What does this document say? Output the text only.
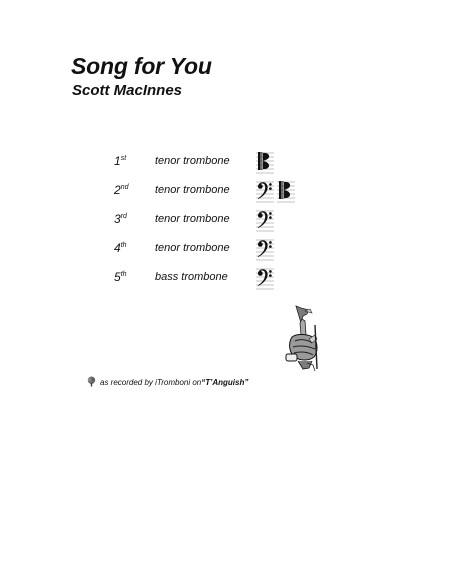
Song for You
Scott MacInnes
1st	tenor trombone
2nd tenor trombone
3rd	tenor trombone
4th	tenor trombone
5th	bass trombone
as recorded by iTromboni on “T’Anguish”
